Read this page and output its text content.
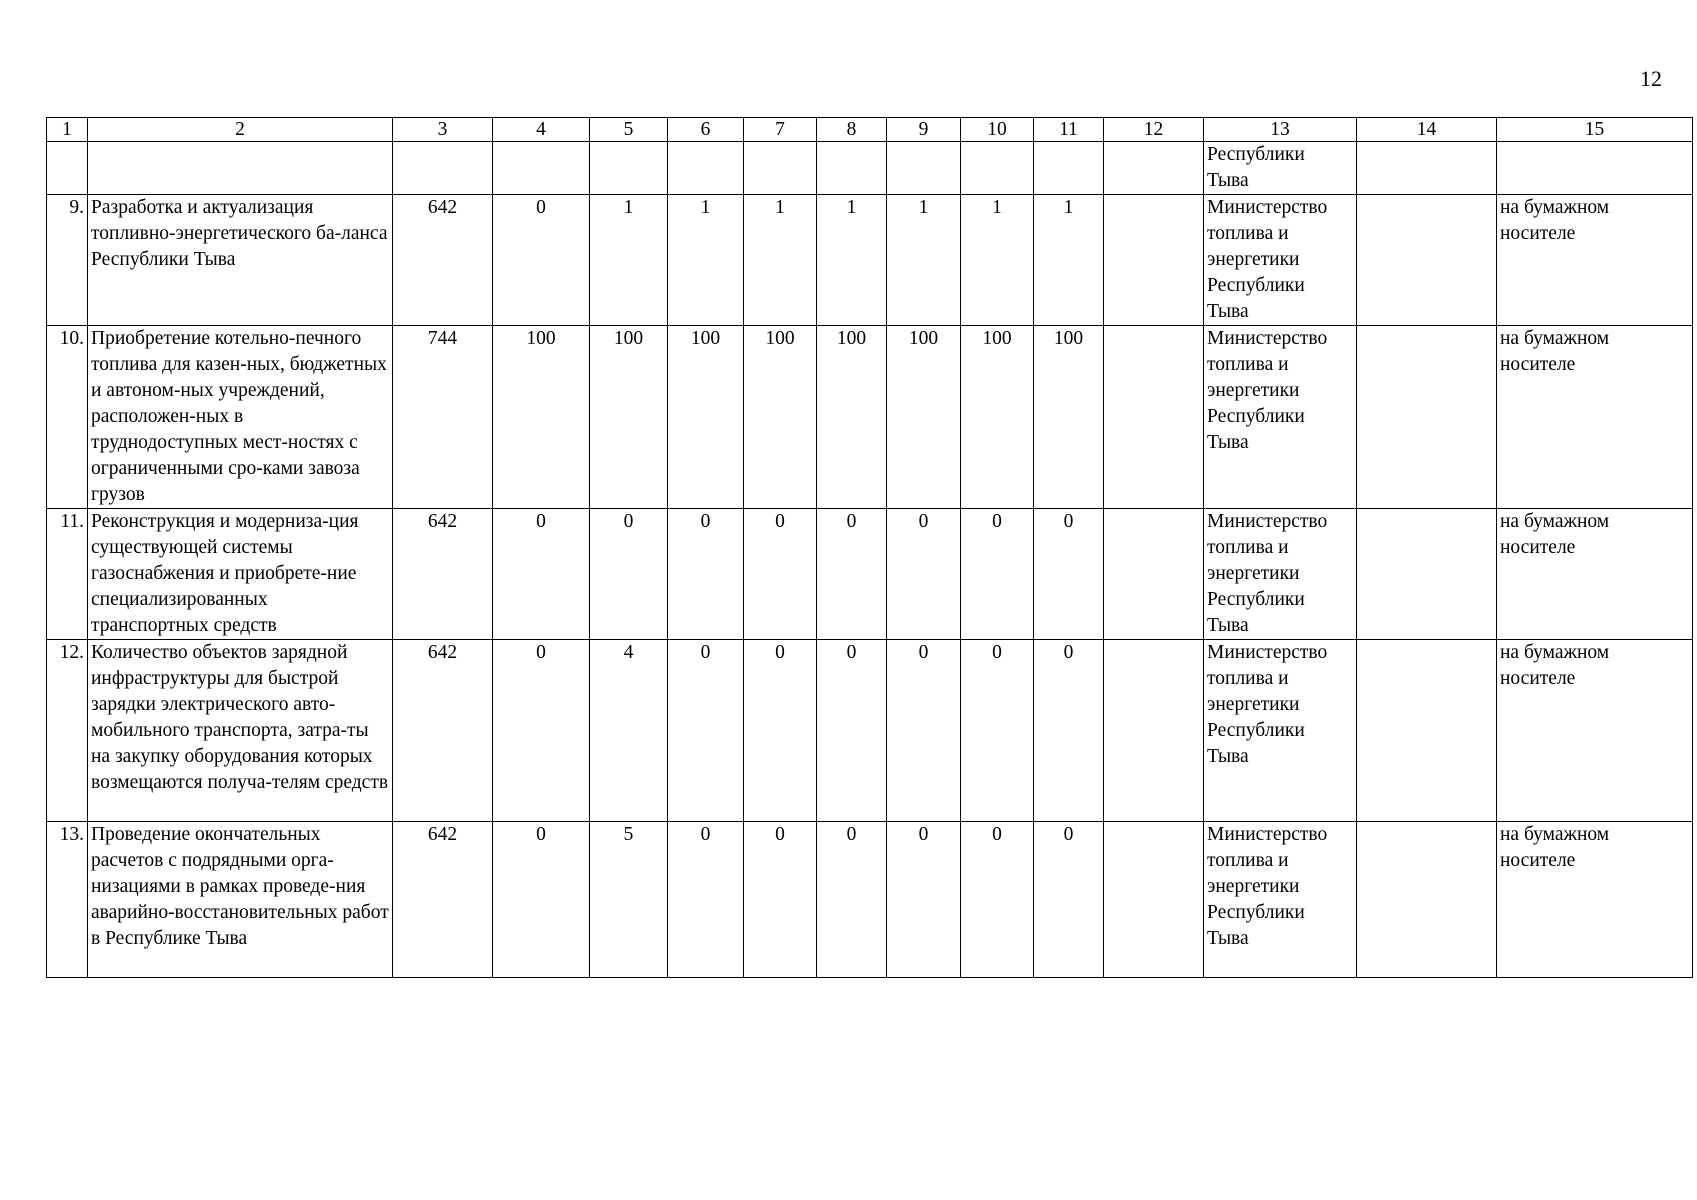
12
1	2	3	4	5	6	7	8	9	10	11	12	13	14	15
												Республики
Тыва		
9.	Разработка и актуализация топливно-энергетического ба-ланса Республики Тыва	642	0	1	1	1	1	1	1	1		Министерство
топлива и
энергетики
Республики
Тыва		на бумажном
носителе
10.	Приобретение котельно-печного топлива для казен-ных, бюджетных и автоном-ных учреждений, расположен-ных в труднодоступных мест-ностях с ограниченными сро-ками завоза грузов	744	100	100	100	100	100	100	100	100		Министерство
топлива и
энергетики
Республики
Тыва		на бумажном
носителе
11.	Реконструкция и модерниза-ция существующей системы газоснабжения и приобрете-ние специализированных транспортных средств	642	0	0	0	0	0	0	0	0		Министерство
топлива и
энергетики
Республики
Тыва		на бумажном
носителе
12.	Количество объектов зарядной инфраструктуры для быстрой зарядки электрического авто-мобильного транспорта, затра-ты на закупку оборудования которых возмещаются получа-телям средств	642	0	4	0	0	0	0	0	0		Министерство
топлива и
энергетики
Республики
Тыва		на бумажном
носителе
13.	Проведение окончательных расчетов с подрядными орга-низациями в рамках проведе-ния аварийно-восстановительных работ в Республике Тыва	642	0	5	0	0	0	0	0	0		Министерство
топлива и
энергетики
Республики
Тыва		на бумажном
носителе
